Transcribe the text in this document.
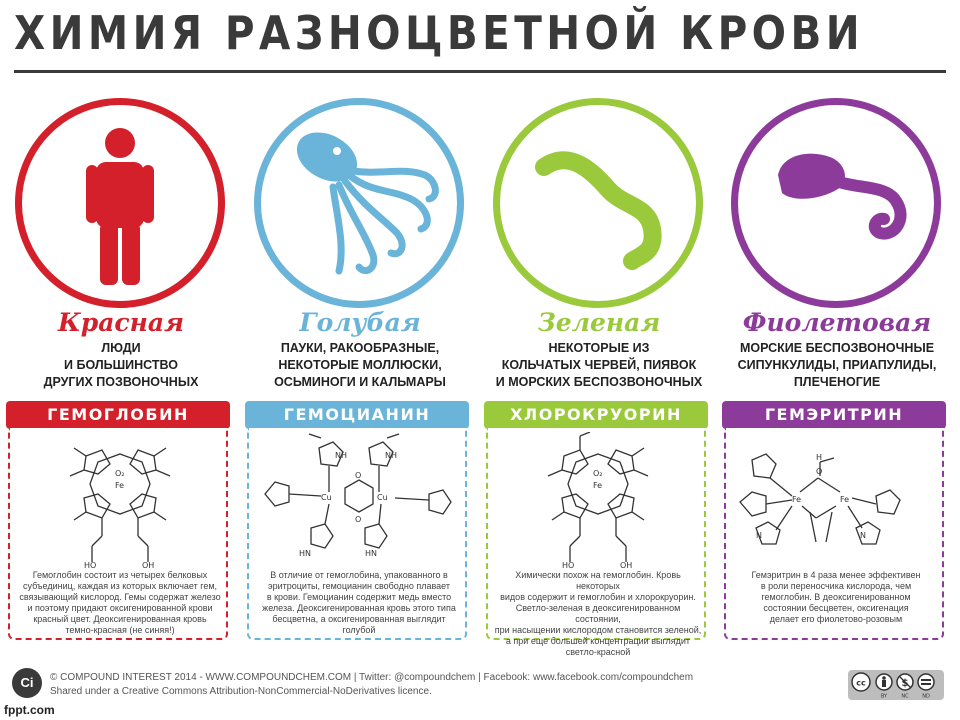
ХИМИЯ РАЗНОЦВЕТНОЙ КРОВИ
Красная
ЛЮДИ
И БОЛЬШИНСТВО
ДРУГИХ ПОЗВОНОЧНЫХ
ГЕМОГЛОБИН
O₂
Fe
HO	OH
Гемоглобин состоит из четырех белковых
субъединиц, каждая из которых включает гем,
связывающий кислород. Гемы содержат железо
и поэтому придают оксигенированной крови
красный цвет. Деоксигенированная кровь
темно-красная (не синяя!)
Голубая
ПАУКИ, РАКООБРАЗНЫЕ,
НЕКОТОРЫЕ МОЛЛЮСКИ,
ОСЬМИНОГИ И КАЛЬМАРЫ
ГЕМОЦИАНИН
Cu	Cu
O
O
HN	HN
NH	NH
В отличие от гемоглобина, упакованного в
эритроциты, гемоцианин свободно плавает
в крови. Гемоцианин содержит медь вместо
железа. Деоксигенированная кровь этого типа
бесцветна, а оксигенированная выглядит голубой
Зеленая
НЕКОТОРЫЕ ИЗ
КОЛЬЧАТЫХ ЧЕРВЕЙ, ПИЯВОК
И МОРСКИХ БЕСПОЗВОНОЧНЫХ
ХЛОРОКРУОРИН
O₂
Fe
HO	OH
Химически похож на гемоглобин. Кровь некоторых
видов содержит и гемоглобин и хлорокруорин.
Светло-зеленая в деоксигенированном состоянии,
при насыщении кислородом становится зеленой,
а при еще большей концентрации выглядит
светло-красной
Фиолетовая
МОРСКИЕ БЕСПОЗВОНОЧНЫЕ
СИПУНКУЛИДЫ, ПРИАПУЛИДЫ,
ПЛЕЧЕНОГИЕ
ГЕМЭРИТРИН
Fe	Fe
O
H
N	N
Гемэритрин в 4 раза менее эффективен
в роли переносчика кислорода, чем
гемоглобин. В деоксигенированном
состоянии бесцветен, оксигенация
делает его фиолетово-розовым
Ci	© COMPOUND INTEREST 2014 - WWW.COMPOUNDCHEM.COM | Twitter: @compoundchem | Facebook: www.facebook.com/compoundchem
Shared under a Creative Commons Attribution-NonCommercial-NoDerivatives licence.
cc	$
BY	NC	ND
fppt.com
